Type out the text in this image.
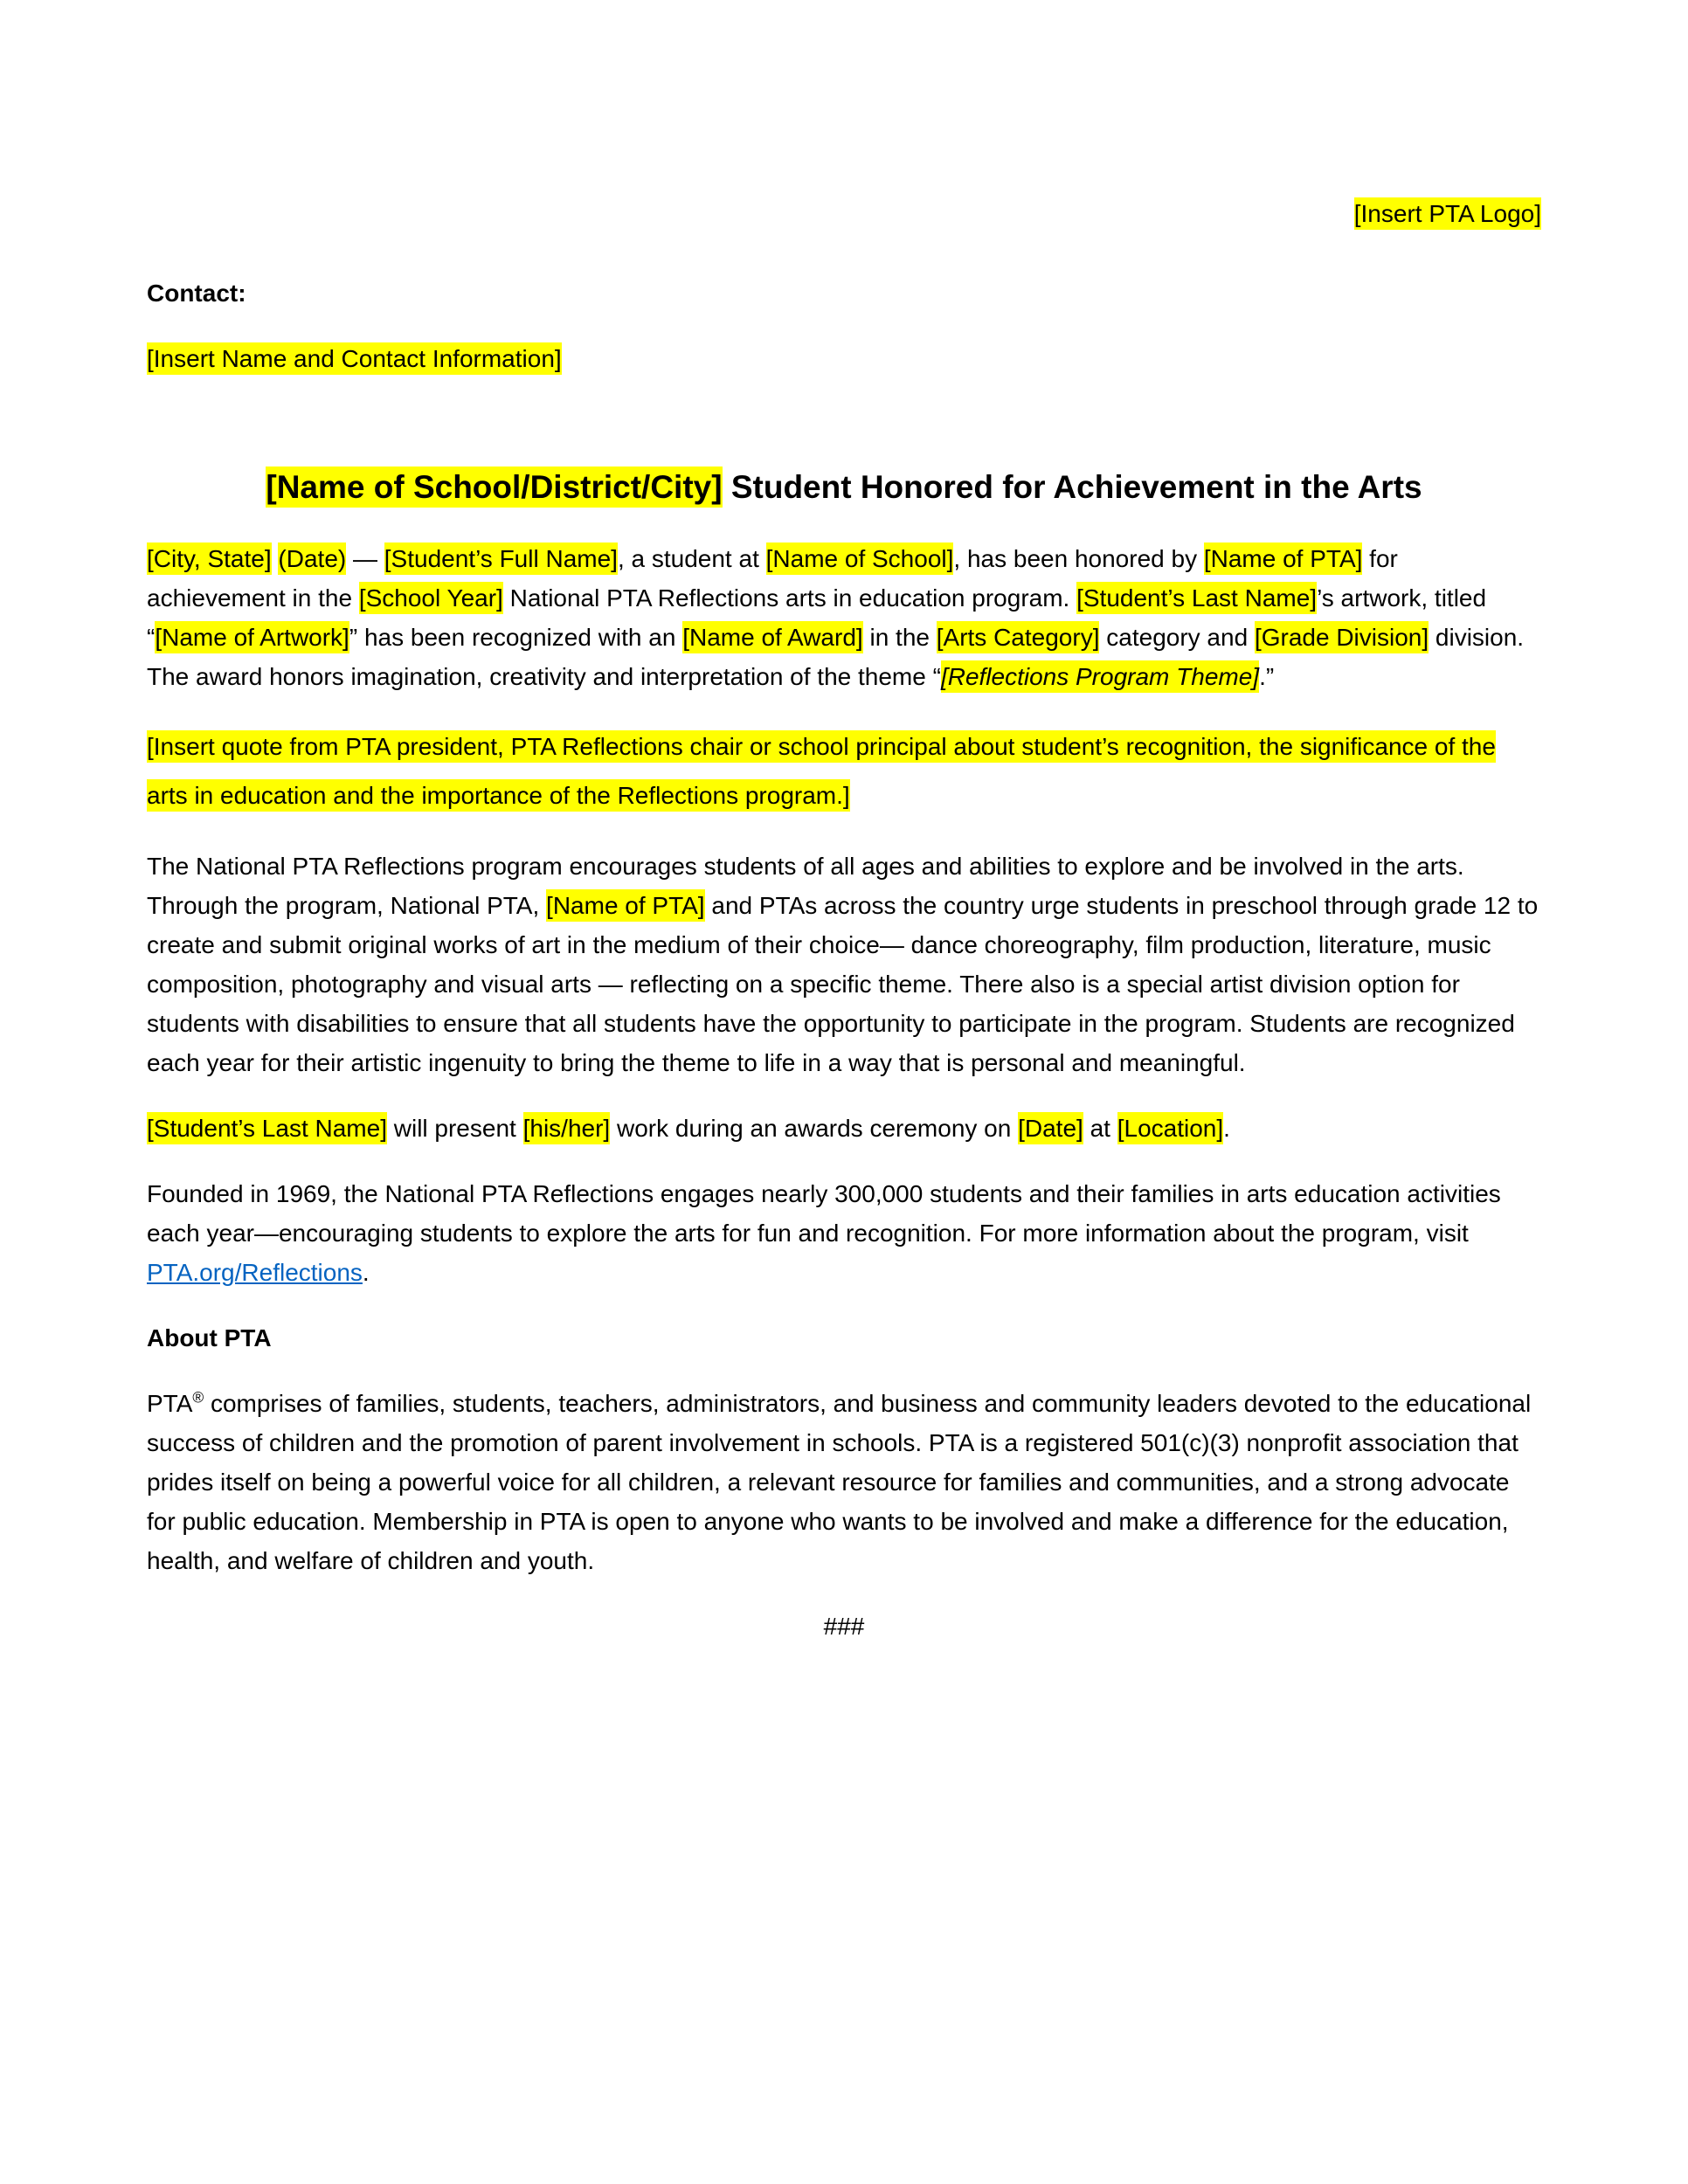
[Insert PTA Logo]

Contact:

[Insert Name and Contact Information]

[Name of School/District/City] Student Honored for Achievement in the Arts

[City, State] (Date) — [Student’s Full Name], a student at [Name of School], has been honored by [Name of PTA] for achievement in the [School Year] National PTA Reflections arts in education program. [Student’s Last Name]’s artwork, titled “[Name of Artwork]” has been recognized with an [Name of Award] in the [Arts Category] category and [Grade Division] division. The award honors imagination, creativity and interpretation of the theme “[Reflections Program Theme].”

[Insert quote from PTA president, PTA Reflections chair or school principal about student’s recognition, the significance of the arts in education and the importance of the Reflections program.]

The National PTA Reflections program encourages students of all ages and abilities to explore and be involved in the arts. Through the program, National PTA, [Name of PTA] and PTAs across the country urge students in preschool through grade 12 to create and submit original works of art in the medium of their choice— dance choreography, film production, literature, music composition, photography and visual arts — reflecting on a specific theme. There also is a special artist division option for students with disabilities to ensure that all students have the opportunity to participate in the program. Students are recognized each year for their artistic ingenuity to bring the theme to life in a way that is personal and meaningful.

[Student’s Last Name] will present [his/her] work during an awards ceremony on [Date] at [Location].

Founded in 1969, the National PTA Reflections engages nearly 300,000 students and their families in arts education activities each year—encouraging students to explore the arts for fun and recognition. For more information about the program, visit PTA.org/Reflections.

About PTA

PTA® comprises of families, students, teachers, administrators, and business and community leaders devoted to the educational success of children and the promotion of parent involvement in schools. PTA is a registered 501(c)(3) nonprofit association that prides itself on being a powerful voice for all children, a relevant resource for families and communities, and a strong advocate for public education. Membership in PTA is open to anyone who wants to be involved and make a difference for the education, health, and welfare of children and youth.

###
